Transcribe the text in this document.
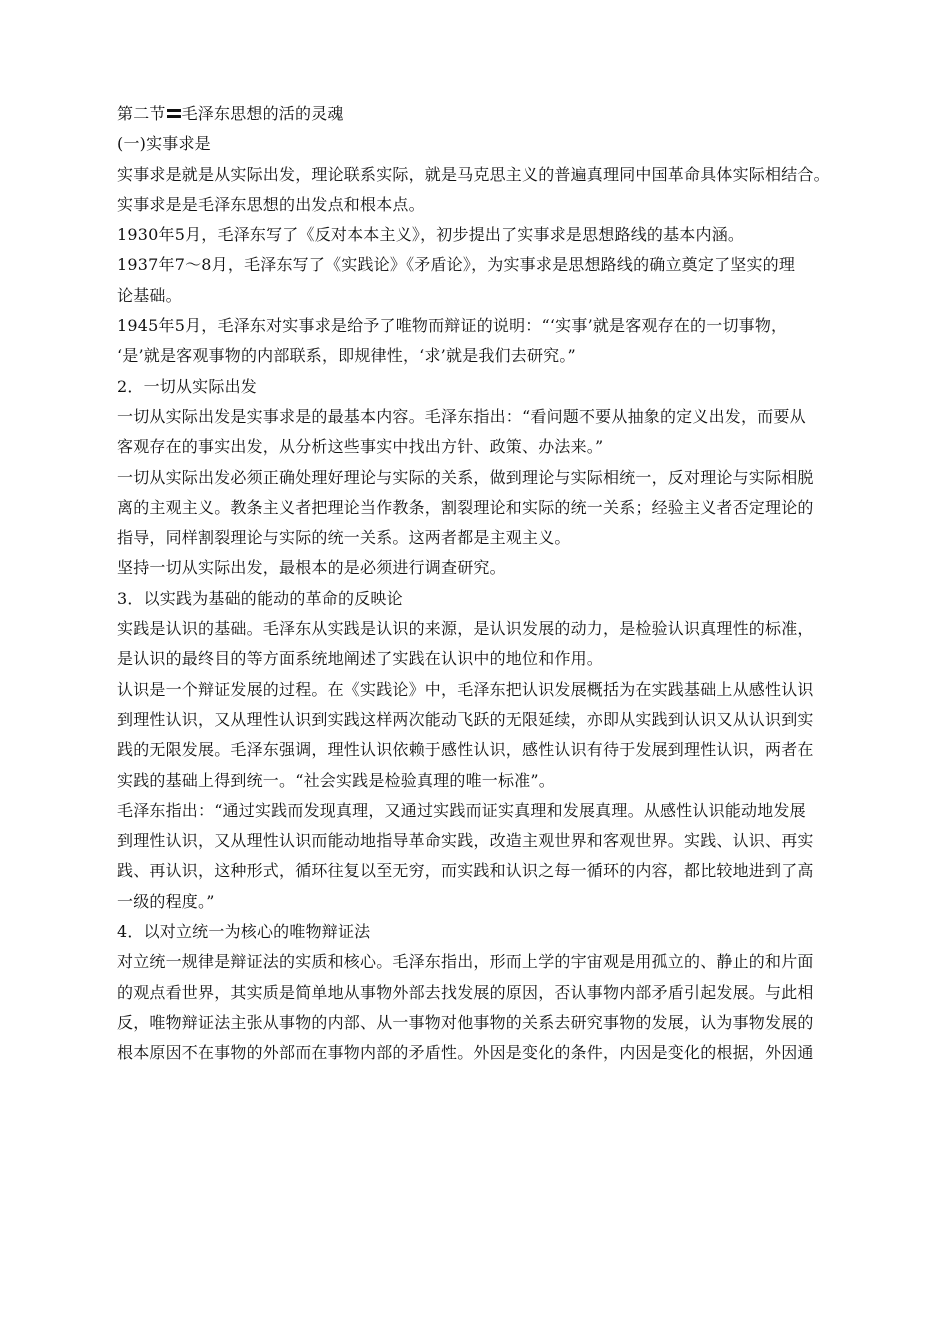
第二节 毛泽东思想的活的灵魂
(一)实事求是
实事求是就是从实际出发，理论联系实际，就是马克思主义的普遍真理同中国革命具体实际相结合。
实事求是是毛泽东思想的出发点和根本点。
1930年5月，毛泽东写了《反对本本主义》，初步提出了实事求是思想路线的基本内涵。
1937年7～8月，毛泽东写了《实践论》《矛盾论》，为实事求是思想路线的确立奠定了坚实的理
论基础。
1945年5月，毛泽东对实事求是给予了唯物而辩证的说明：“‘实事’就是客观存在的一切事物，
‘是’就是客观事物的内部联系，即规律性，‘求’就是我们去研究。”
2．一切从实际出发
一切从实际出发是实事求是的最基本内容。毛泽东指出：“看问题不要从抽象的定义出发，而要从
客观存在的事实出发，从分析这些事实中找出方针、政策、办法来。”
一切从实际出发必须正确处理好理论与实际的关系，做到理论与实际相统一，反对理论与实际相脱
离的主观主义。教条主义者把理论当作教条，割裂理论和实际的统一关系；经验主义者否定理论的
指导，同样割裂理论与实际的统一关系。这两者都是主观主义。
坚持一切从实际出发，最根本的是必须进行调查研究。
3．以实践为基础的能动的革命的反映论
实践是认识的基础。毛泽东从实践是认识的来源，是认识发展的动力，是检验认识真理性的标准，
是认识的最终目的等方面系统地阐述了实践在认识中的地位和作用。
认识是一个辩证发展的过程。在《实践论》中，毛泽东把认识发展概括为在实践基础上从感性认识
到理性认识，又从理性认识到实践这样两次能动飞跃的无限延续，亦即从实践到认识又从认识到实
践的无限发展。毛泽东强调，理性认识依赖于感性认识，感性认识有待于发展到理性认识，两者在
实践的基础上得到统一。“社会实践是检验真理的唯一标准”。
毛泽东指出：“通过实践而发现真理，又通过实践而证实真理和发展真理。从感性认识能动地发展
到理性认识，又从理性认识而能动地指导革命实践，改造主观世界和客观世界。实践、认识、再实
践、再认识，这种形式，循环往复以至无穷，而实践和认识之每一循环的内容，都比较地进到了高
一级的程度。”
4．以对立统一为核心的唯物辩证法
对立统一规律是辩证法的实质和核心。毛泽东指出，形而上学的宇宙观是用孤立的、静止的和片面
的观点看世界，其实质是简单地从事物外部去找发展的原因，否认事物内部矛盾引起发展。与此相
反，唯物辩证法主张从事物的内部、从一事物对他事物的关系去研究事物的发展，认为事物发展的
根本原因不在事物的外部而在事物内部的矛盾性。外因是变化的条件，内因是变化的根据，外因通
